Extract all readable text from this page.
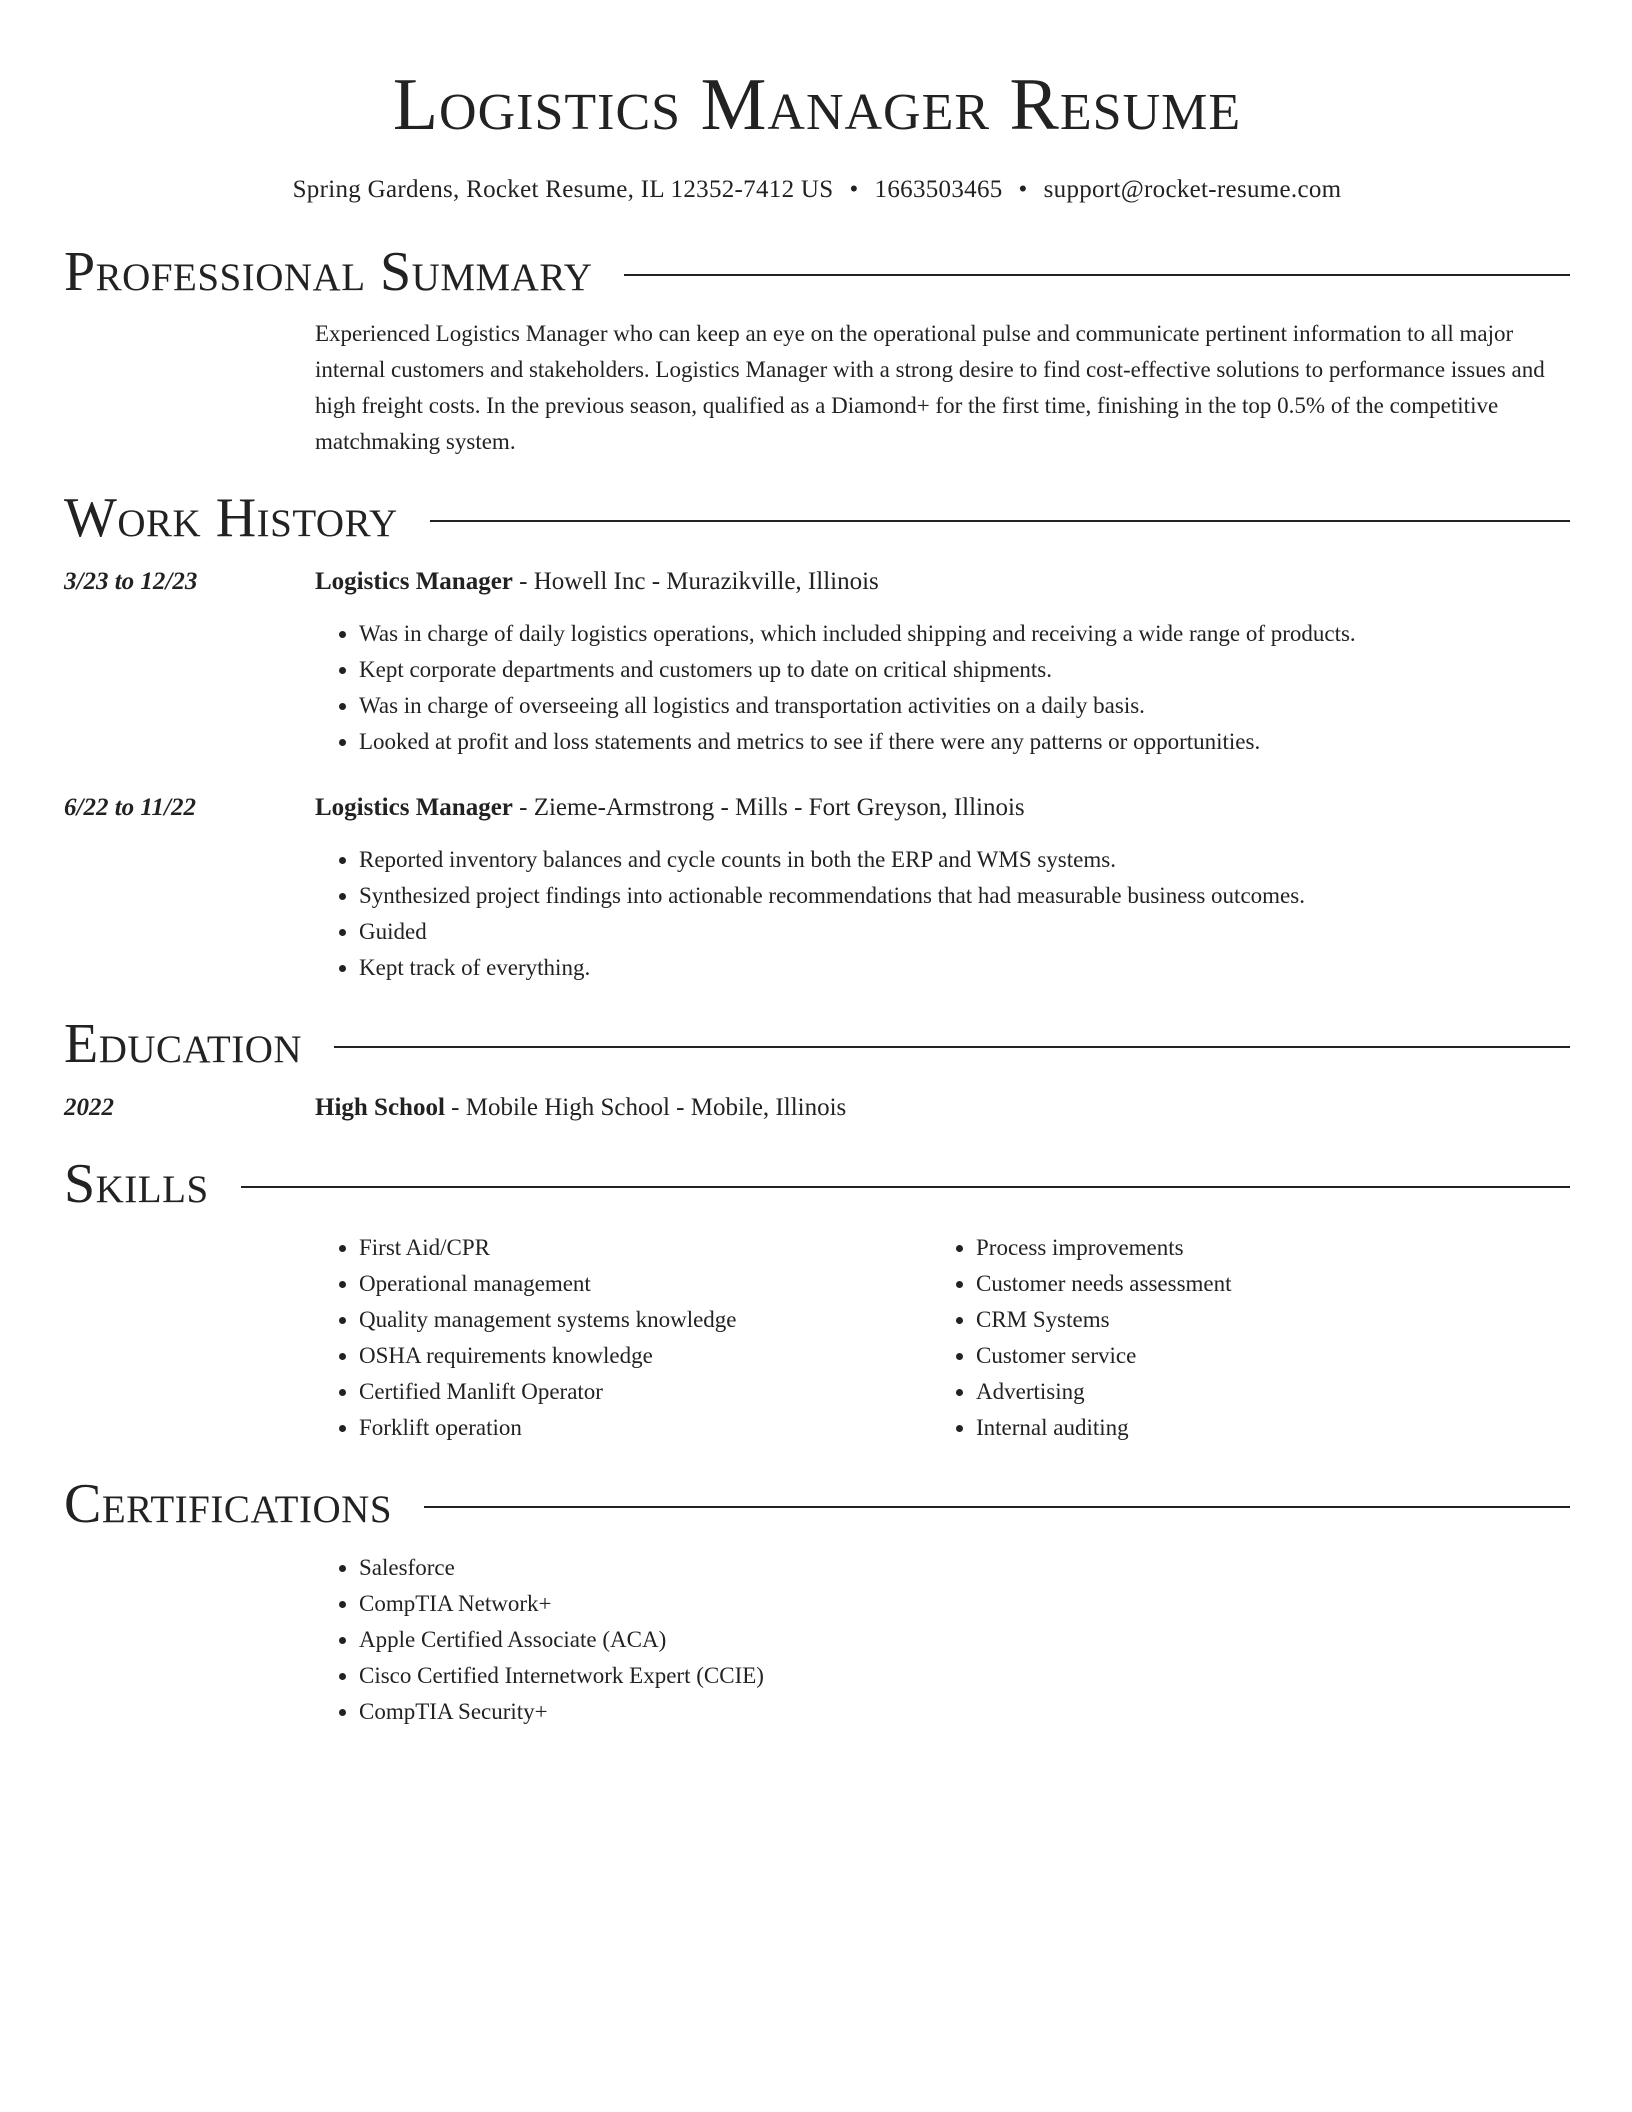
Logistics Manager Resume
Spring Gardens, Rocket Resume, IL 12352-7412 US • 1663503465 • support@rocket-resume.com
Professional Summary
Experienced Logistics Manager who can keep an eye on the operational pulse and communicate pertinent information to all major internal customers and stakeholders. Logistics Manager with a strong desire to find cost-effective solutions to performance issues and high freight costs. In the previous season, qualified as a Diamond+ for the first time, finishing in the top 0.5% of the competitive matchmaking system.
Work History
3/23 to 12/23	Logistics Manager - Howell Inc - Murazikville, Illinois
• Was in charge of daily logistics operations, which included shipping and receiving a wide range of products.
• Kept corporate departments and customers up to date on critical shipments.
• Was in charge of overseeing all logistics and transportation activities on a daily basis.
• Looked at profit and loss statements and metrics to see if there were any patterns or opportunities.
6/22 to 11/22	Logistics Manager - Zieme-Armstrong - Mills - Fort Greyson, Illinois
• Reported inventory balances and cycle counts in both the ERP and WMS systems.
• Synthesized project findings into actionable recommendations that had measurable business outcomes.
• Guided
• Kept track of everything.
Education
2022	High School - Mobile High School - Mobile, Illinois
Skills
• First Aid/CPR
• Operational management
• Quality management systems knowledge
• OSHA requirements knowledge
• Certified Manlift Operator
• Forklift operation
• Process improvements
• Customer needs assessment
• CRM Systems
• Customer service
• Advertising
• Internal auditing
Certifications
• Salesforce
• CompTIA Network+
• Apple Certified Associate (ACA)
• Cisco Certified Internetwork Expert (CCIE)
• CompTIA Security+
